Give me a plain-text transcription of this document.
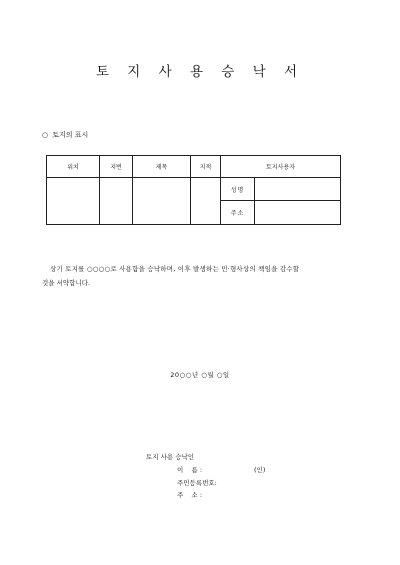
토 지 사 용 승 낙 서
○ 토지의 표시
위치	지번	제목	지적	토지사용자	
				성명	
				주소	
상기 토지를 ○○○○로 사용함을 승낙하며, 이후 발생하는 민·형사상의 책임을 감수할
것을 서약합니다.
20○○년 ○월 ○일
토지 사용 승낙인
이    름 :	(인)
주민등록번호:
주    소 :
